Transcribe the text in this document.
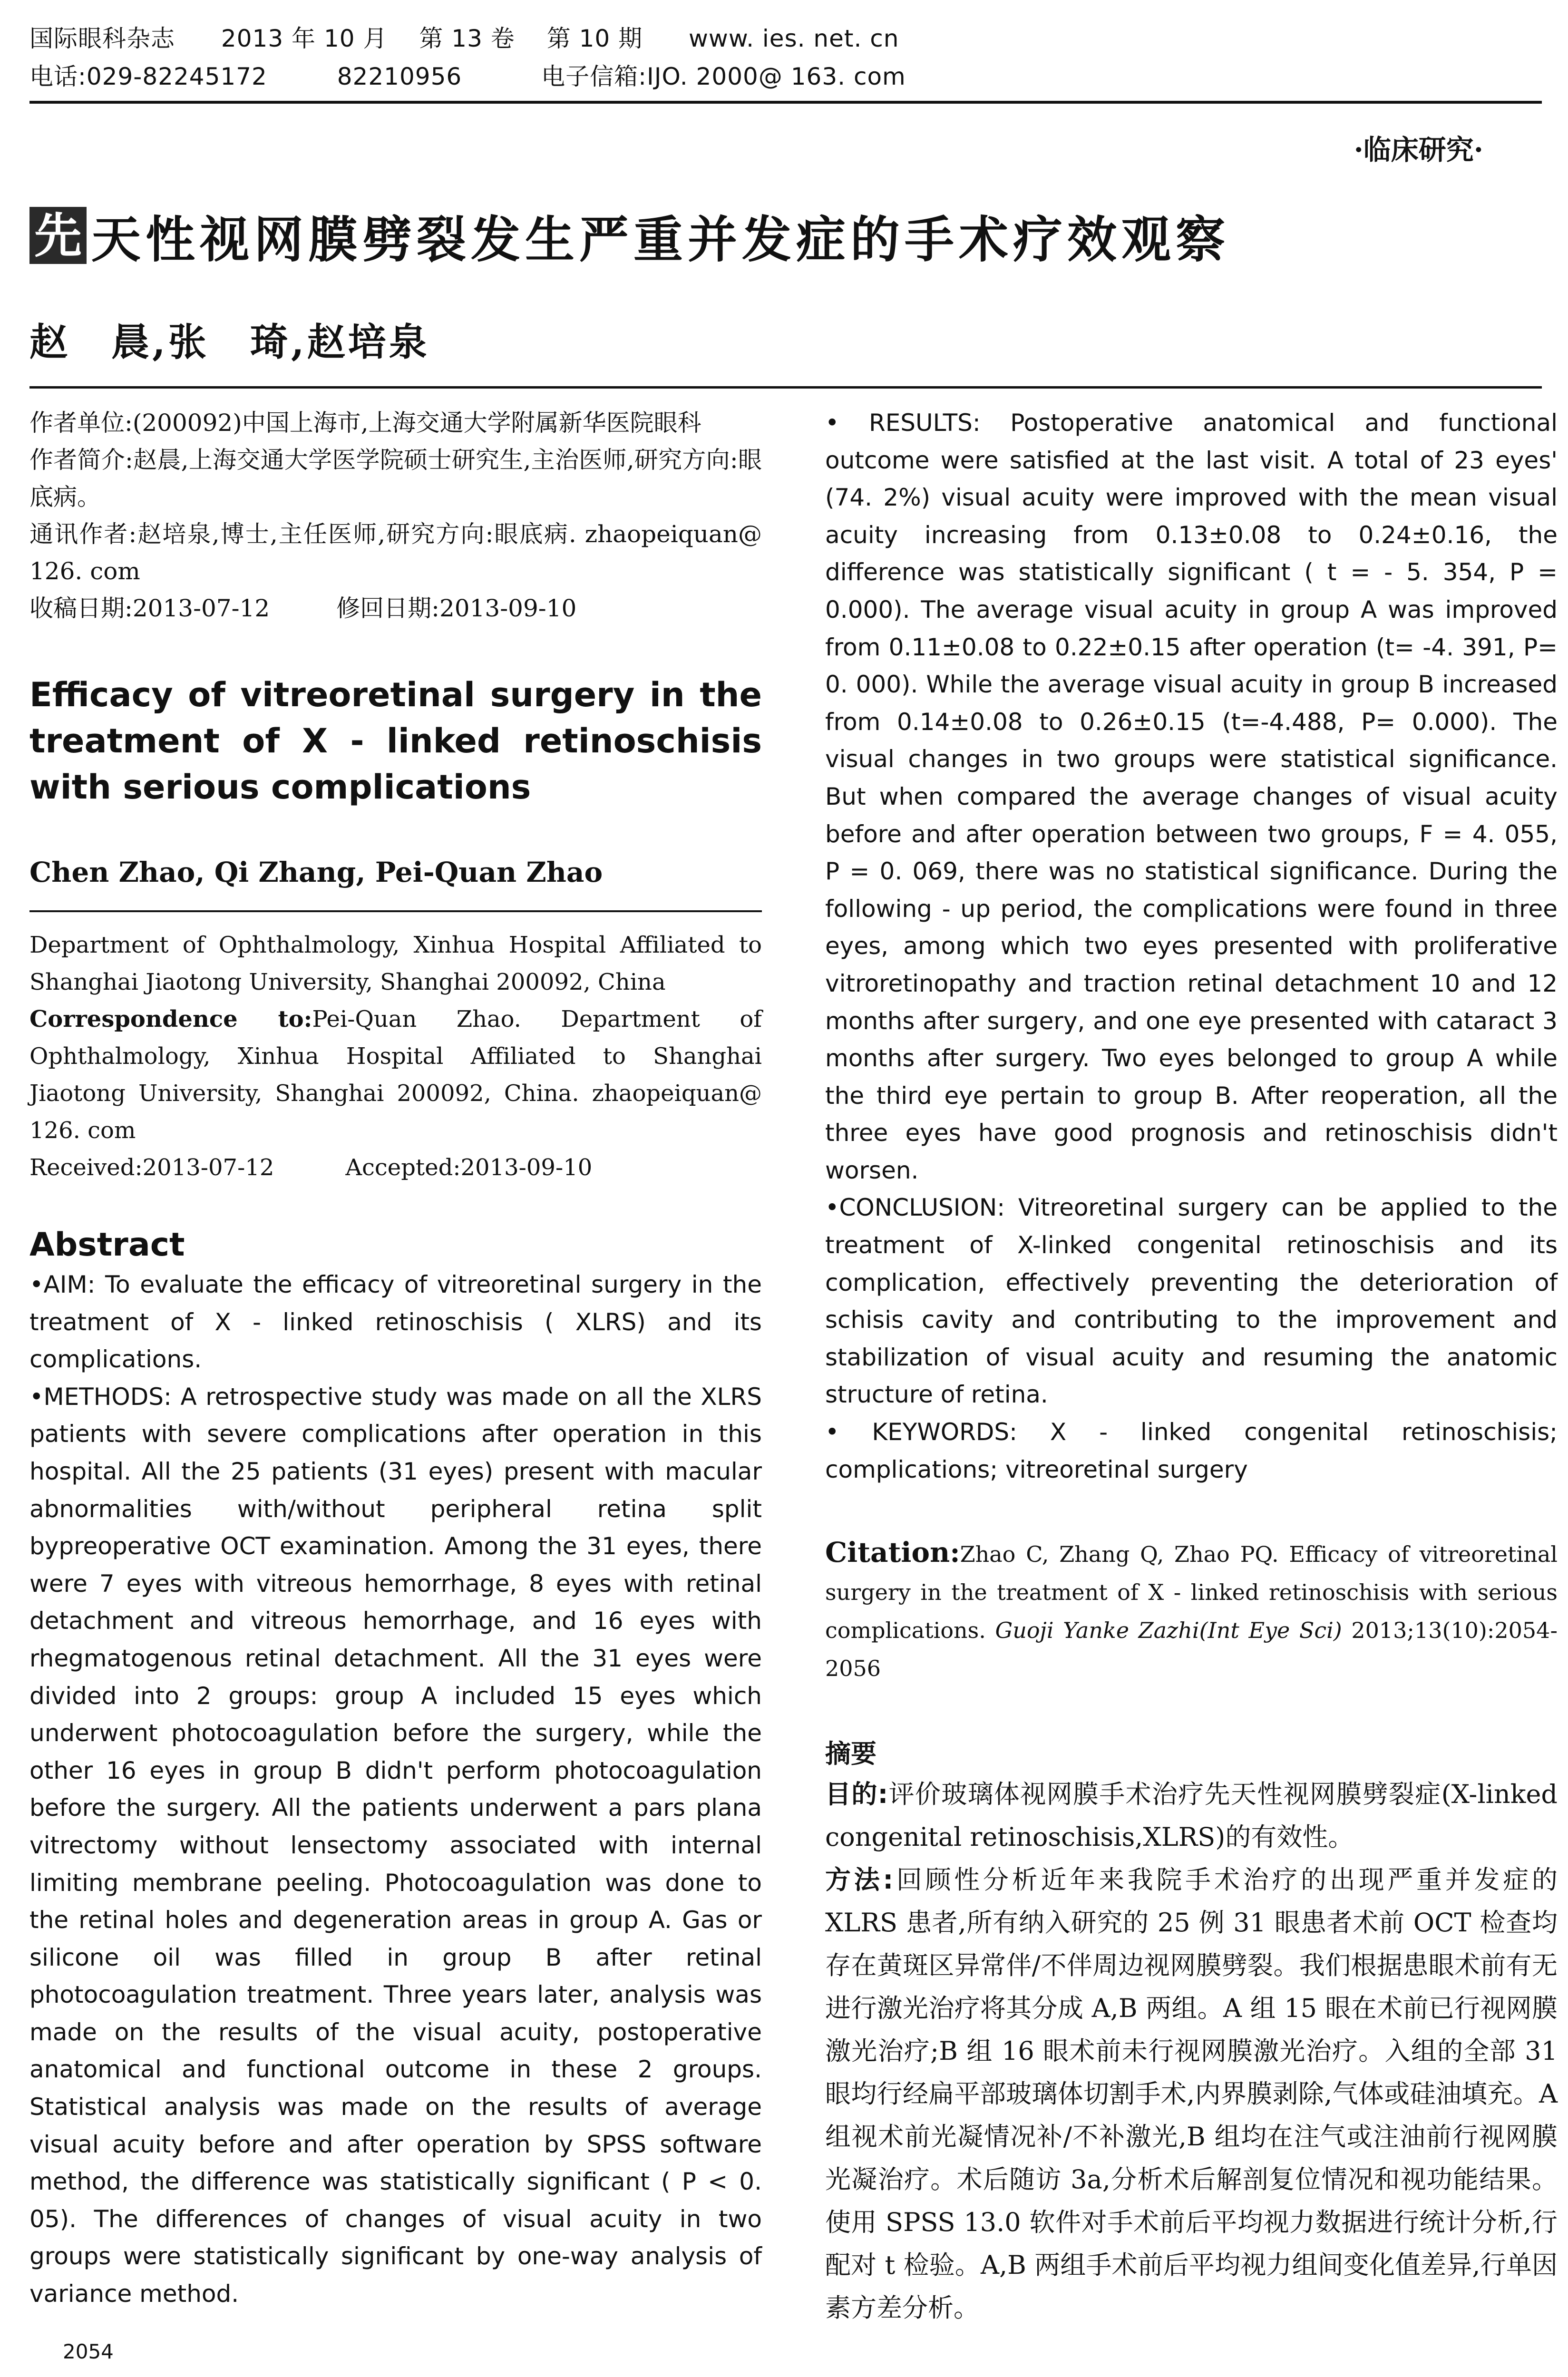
国际眼科杂志 2013 年 10 月 第 13 卷 第 10 期 www. ies. net. cn
电话:029-82245172	82210956	电子信箱:IJO. 2000@ 163. com
·临床研究·
先 天性视网膜劈裂发生严重并发症的手术疗效观察
赵　晨,张　琦,赵培泉

作者单位:(200092)中国上海市,上海交通大学附属新华医院眼科

作者简介:赵晨,上海交通大学医学院硕士研究生,主治医师,研究方向:眼底病。

通讯作者:赵培泉,博士,主任医师,研究方向:眼底病. zhaopeiquan@ 126. com

收稿日期:2013-07-12	修回日期:2013-09-10
Efficacy of vitreoretinal surgery in the treatment of X - linked retinoschisis with serious complications
Chen Zhao, Qi Zhang, Pei-Quan Zhao

Department of Ophthalmology, Xinhua Hospital Affiliated to Shanghai Jiaotong University, Shanghai 200092, China

Correspondence to:Pei-Quan Zhao. Department of Ophthalmology, Xinhua Hospital Affiliated to Shanghai Jiaotong University, Shanghai 200092, China. zhaopeiquan@ 126. com

Received:2013-07-12	Accepted:2013-09-10
Abstract

•AIM: To evaluate the efficacy of vitreoretinal surgery in the treatment of X - linked retinoschisis ( XLRS) and its complications.

•METHODS: A retrospective study was made on all the XLRS patients with severe complications after operation in this hospital. All the 25 patients (31 eyes) present with macular abnormalities with/without peripheral retina split bypreoperative OCT examination. Among the 31 eyes, there were 7 eyes with vitreous hemorrhage, 8 eyes with retinal detachment and vitreous hemorrhage, and 16 eyes with rhegmatogenous retinal detachment. All the 31 eyes were divided into 2 groups: group A included 15 eyes which underwent photocoagulation before the surgery, while the other 16 eyes in group B didn't perform photocoagulation before the surgery. All the patients underwent a pars plana vitrectomy without lensectomy associated with internal limiting membrane peeling. Photocoagulation was done to the retinal holes and degeneration areas in group A. Gas or silicone oil was filled in group B after retinal photocoagulation treatment. Three years later, analysis was made on the results of the visual acuity, postoperative anatomical and functional outcome in these 2 groups. Statistical analysis was made on the results of average visual acuity before and after operation by SPSS software method, the difference was statistically significant ( P < 0. 05). The differences of changes of visual acuity in two groups were statistically significant by one-way analysis of variance method.

• RESULTS: Postoperative anatomical and functional outcome were satisfied at the last visit. A total of 23 eyes' (74. 2%) visual acuity were improved with the mean visual acuity increasing from 0.13±0.08 to 0.24±0.16, the difference was statistically significant ( t = - 5. 354, P = 0.000). The average visual acuity in group A was improved from 0.11±0.08 to 0.22±0.15 after operation (t= -4. 391, P= 0. 000). While the average visual acuity in group B increased from 0.14±0.08 to 0.26±0.15 (t=-4.488, P= 0.000). The visual changes in two groups were statistical significance. But when compared the average changes of visual acuity before and after operation between two groups, F = 4. 055, P = 0. 069, there was no statistical significance. During the following - up period, the complications were found in three eyes, among which two eyes presented with proliferative vitroretinopathy and traction retinal detachment 10 and 12 months after surgery, and one eye presented with cataract 3 months after surgery. Two eyes belonged to group A while the third eye pertain to group B. After reoperation, all the three eyes have good prognosis and retinoschisis didn't worsen.

•CONCLUSION: Vitreoretinal surgery can be applied to the treatment of X-linked congenital retinoschisis and its complication, effectively preventing the deterioration of schisis cavity and contributing to the improvement and stabilization of visual acuity and resuming the anatomic structure of retina.

• KEYWORDS: X - linked congenital retinoschisis; complications; vitreoretinal surgery

Citation:Zhao C, Zhang Q, Zhao PQ. Efficacy of vitreoretinal surgery in the treatment of X - linked retinoschisis with serious complications. Guoji Yanke Zazhi(Int Eye Sci) 2013;13(10):2054-2056
摘要

目的:评价玻璃体视网膜手术治疗先天性视网膜劈裂症(X-linked congenital retinoschisis,XLRS)的有效性。

方法:回顾性分析近年来我院手术治疗的出现严重并发症的 XLRS 患者,所有纳入研究的 25 例 31 眼患者术前 OCT 检查均存在黄斑区异常伴/不伴周边视网膜劈裂。我们根据患眼术前有无进行激光治疗将其分成 A,B 两组。A 组 15 眼在术前已行视网膜激光治疗;B 组 16 眼术前未行视网膜激光治疗。入组的全部 31 眼均行经扁平部玻璃体切割手术,内界膜剥除,气体或硅油填充。A 组视术前光凝情况补/不补激光,B 组均在注气或注油前行视网膜光凝治疗。术后随访 3a,分析术后解剖复位情况和视功能结果。使用 SPSS 13.0 软件对手术前后平均视力数据进行统计分析,行配对 t 检验。A,B 两组手术前后平均视力组间变化值差异,行单因素方差分析。

2054
